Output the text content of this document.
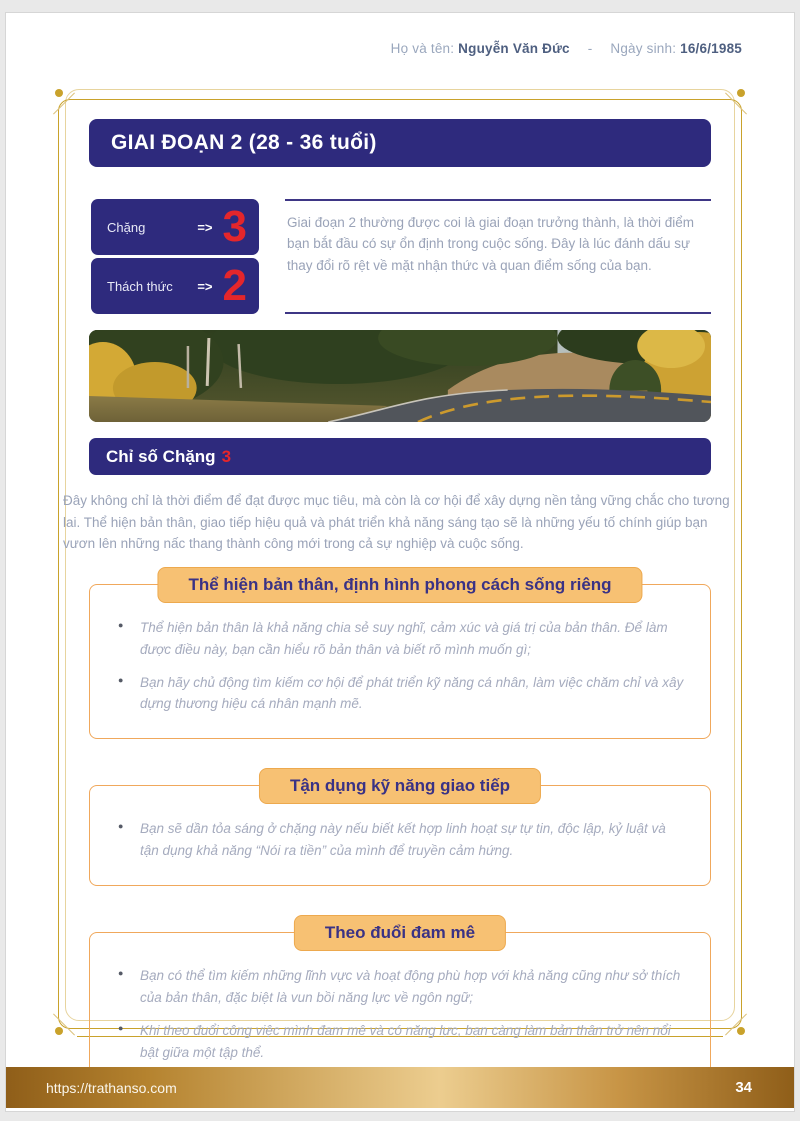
Họ và tên: Nguyễn Văn Đức - Ngày sinh: 16/6/1985
GIAI ĐOẠN 2 (28 - 36 tuổi)
Chặng	=> 3
Thách thức	=> 2
Giai đoạn 2 thường được coi là giai đoạn trưởng thành, là thời điểm bạn bắt đầu có sự ổn định trong cuộc sống. Đây là lúc đánh dấu sự thay đổi rõ rệt về mặt nhận thức và quan điểm sống của bạn.
Chỉ số Chặng 3
Đây không chỉ là thời điểm để đạt được mục tiêu, mà còn là cơ hội để xây dựng nền tảng vững chắc cho tương lai. Thể hiện bản thân, giao tiếp hiệu quả và phát triển khả năng sáng tạo sẽ là những yếu tố chính giúp bạn vươn lên những nấc thang thành công mới trong cả sự nghiệp và cuộc sống.
Thể hiện bản thân, định hình phong cách sống riêng
● Thể hiện bản thân là khả năng chia sẻ suy nghĩ, cảm xúc và giá trị của bản thân. Để làm được điều này, bạn cần hiểu rõ bản thân và biết rõ mình muốn gì;
● Bạn hãy chủ động tìm kiếm cơ hội để phát triển kỹ năng cá nhân, làm việc chăm chỉ và xây dựng thương hiệu cá nhân mạnh mẽ.
Tận dụng kỹ năng giao tiếp
● Bạn sẽ dần tỏa sáng ở chặng này nếu biết kết hợp linh hoạt sự tự tin, độc lập, kỷ luật và tận dụng khả năng “Nói ra tiền” của mình để truyền cảm hứng.
Theo đuổi đam mê
● Bạn có thể tìm kiếm những lĩnh vực và hoạt động phù hợp với khả năng cũng như sở thích của bản thân, đặc biệt là vun bồi năng lực về ngôn ngữ;
● Khi theo đuổi công việc mình đam mê và có năng lực, bạn càng làm bản thân trở nên nổi bật giữa một tập thể.
https://trathanso.com	34
